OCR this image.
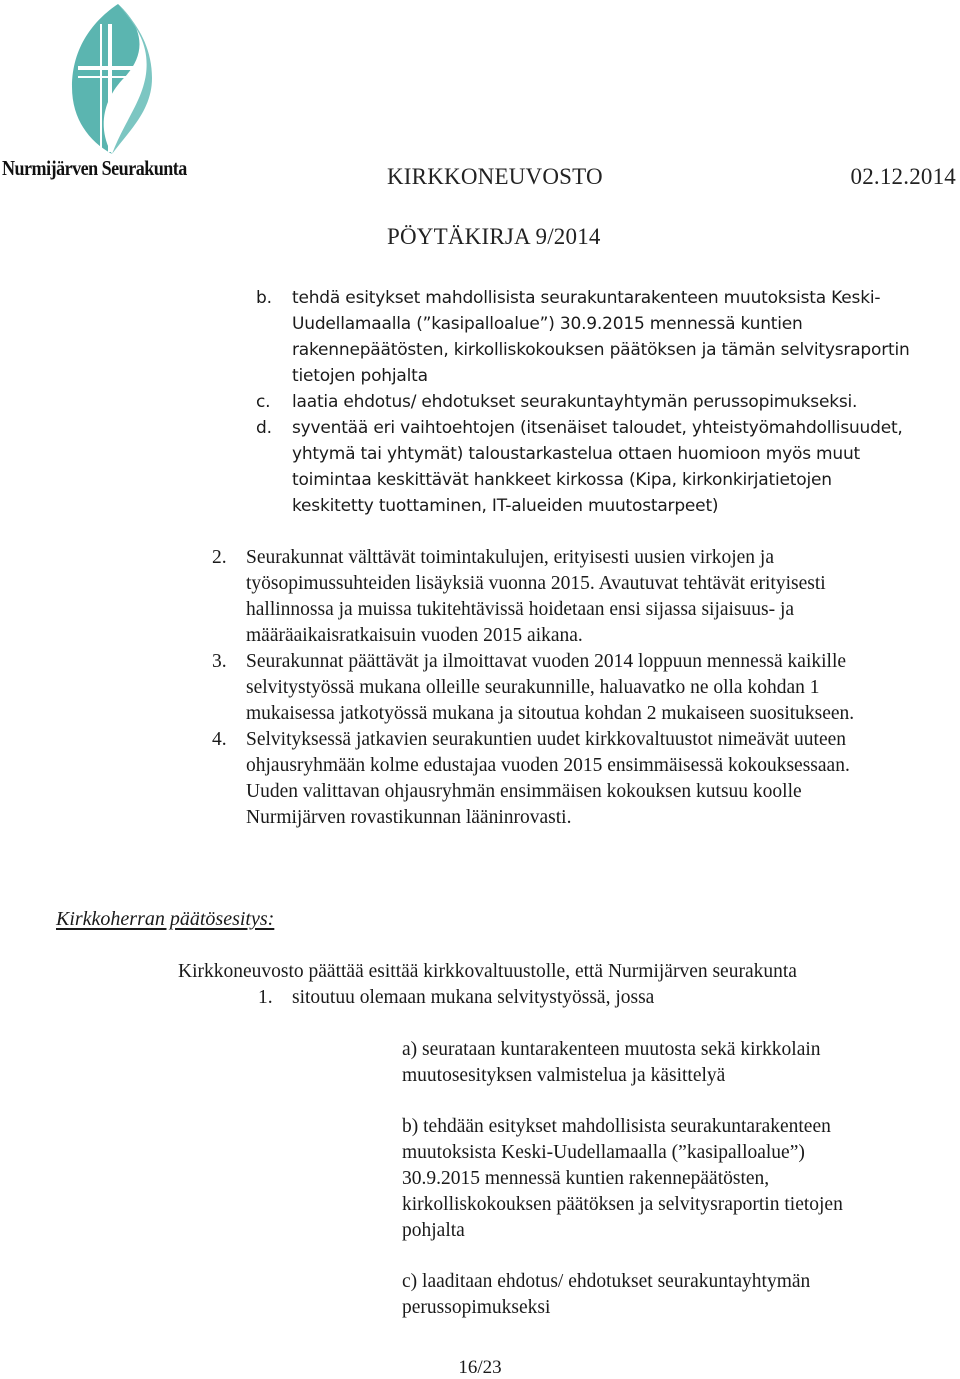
Nurmijärven Seurakunta	KIRKKONEUVOSTO	02.12.2014
PÖYTÄKIRJA 9/2014
b. tehdä esitykset mahdollisista seurakuntarakenteen muutoksista Keski-
Uudellamaalla (”kasipalloalue”) 30.9.2015 mennessä kuntien
rakennepäätösten, kirkolliskokouksen päätöksen ja tämän selvitysraportin
tietojen pohjalta
c. laatia ehdotus/ ehdotukset seurakuntayhtymän perussopimukseksi.
d. syventää eri vaihtoehtojen (itsenäiset taloudet, yhteistyömahdollisuudet,
yhtymä tai yhtymät) taloustarkastelua ottaen huomioon myös muut
toimintaa keskittävät hankkeet kirkossa (Kipa, kirkonkirjatietojen
keskitetty tuottaminen, IT-alueiden muutostarpeet)
2. Seurakunnat välttävät toimintakulujen, erityisesti uusien virkojen ja
työsopimussuhteiden lisäyksiä vuonna 2015. Avautuvat tehtävät erityisesti
hallinnossa ja muissa tukitehtävissä hoidetaan ensi sijassa sijaisuus- ja
määräaikaisratkaisuin vuoden 2015 aikana.
3. Seurakunnat päättävät ja ilmoittavat vuoden 2014 loppuun mennessä kaikille
selvitystyössä mukana olleille seurakunnille, haluavatko ne olla kohdan 1
mukaisessa jatkotyössä mukana ja sitoutua kohdan 2 mukaiseen suositukseen.
4. Selvityksessä jatkavien seurakuntien uudet kirkkovaltuustot nimeävät uuteen
ohjausryhmään kolme edustajaa vuoden 2015 ensimmäisessä kokouksessaan.
Uuden valittavan ohjausryhmän ensimmäisen kokouksen kutsuu koolle
Nurmijärven rovastikunnan lääninrovasti.
Kirkkoherran päätösesitys:
Kirkkoneuvosto päättää esittää kirkkovaltuustolle, että Nurmijärven seurakunta
1. sitoutuu olemaan mukana selvitystyössä, jossa
a) seurataan kuntarakenteen muutosta sekä kirkkolain
muutosesityksen valmistelua ja käsittelyä
b) tehdään esitykset mahdollisista seurakuntarakenteen
muutoksista Keski-Uudellamaalla (”kasipalloalue”)
30.9.2015 mennessä kuntien rakennepäätösten,
kirkolliskokouksen päätöksen ja selvitysraportin tietojen
pohjalta
c) laaditaan ehdotus/ ehdotukset seurakuntayhtymän
perussopimukseksi
16/23
